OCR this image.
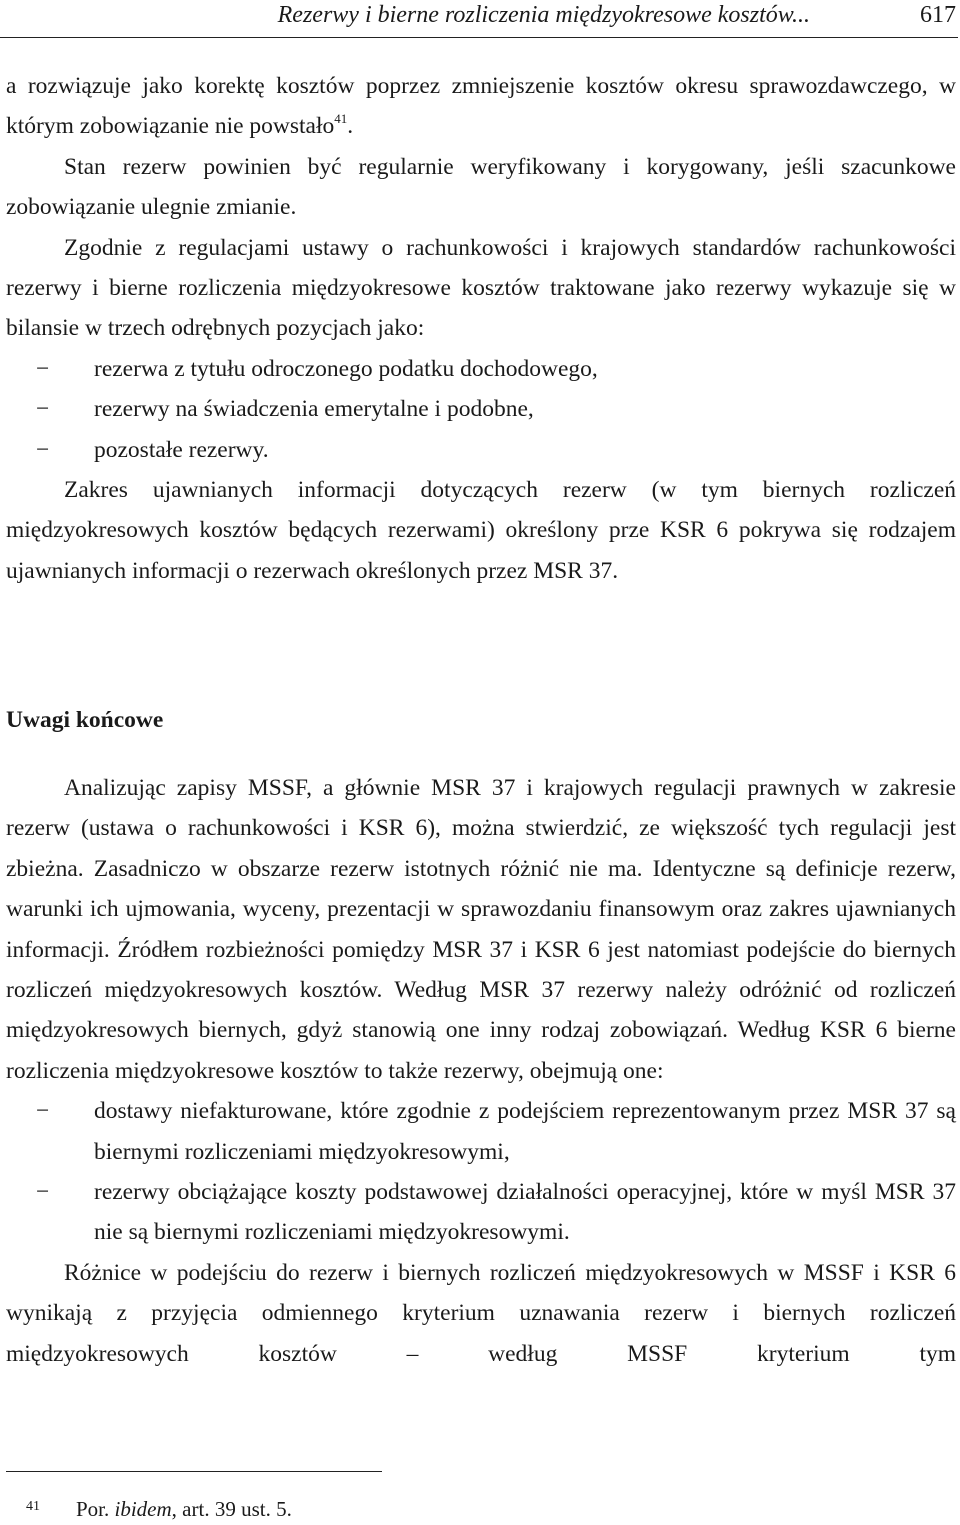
Rezerwy i bierne rozliczenia międzyokresowe kosztów...	617

a rozwiązuje jako korektę kosztów poprzez zmniejszenie kosztów okresu sprawozdawczego, w którym zobowiązanie nie powstało$^{41}$.

Stan rezerw powinien być regularnie weryfikowany i korygowany, jeśli szacunkowe zobowiązanie ulegnie zmianie.

Zgodnie z regulacjami ustawy o rachunkowości i krajowych standardów rachunkowości rezerwy i bierne rozliczenia międzyokresowe kosztów traktowane jako rezerwy wykazuje się w bilansie w trzech odrębnych pozycjach jako:

− rezerwa z tytułu odroczonego podatku dochodowego,
− rezerwy na świadczenia emerytalne i podobne,
− pozostałe rezerwy.

Zakres ujawnianych informacji dotyczących rezerw (w tym biernych rozliczeń międzyokresowych kosztów będących rezerwami) określony prze KSR 6 pokrywa się rodzajem ujawnianych informacji o rezerwach określonych przez MSR 37.

Uwagi końcowe

Analizując zapisy MSSF, a głównie MSR 37 i krajowych regulacji prawnych w zakresie rezerw (ustawa o rachunkowości i KSR 6), można stwierdzić, ze większość tych regulacji jest zbieżna. Zasadniczo w obszarze rezerw istotnych różnić nie ma. Identyczne są definicje rezerw, warunki ich ujmowania, wyceny, prezentacji w sprawozdaniu finansowym oraz zakres ujawnianych informacji. Źródłem rozbieżności pomiędzy MSR 37 i KSR 6 jest natomiast podejście do biernych rozliczeń międzyokresowych kosztów. Według MSR 37 rezerwy należy odróżnić od rozliczeń międzyokresowych biernych, gdyż stanowią one inny rodzaj zobowiązań. Według KSR 6 bierne rozliczenia międzyokresowe kosztów to także rezerwy, obejmują one:

− dostawy niefakturowane, które zgodnie z podejściem reprezentowanym przez MSR 37 są biernymi rozliczeniami międzyokresowymi,
− rezerwy obciążające koszty podstawowej działalności operacyjnej, które w myśl MSR 37 nie są biernymi rozliczeniami międzyokresowymi.

Różnice w podejściu do rezerw i biernych rozliczeń międzyokresowych w MSSF i KSR 6 wynikają z przyjęcia odmiennego kryterium uznawania rezerw i biernych rozliczeń międzyokresowych kosztów – według MSSF kryterium tym

41 Por. ibidem, art. 39 ust. 5.
